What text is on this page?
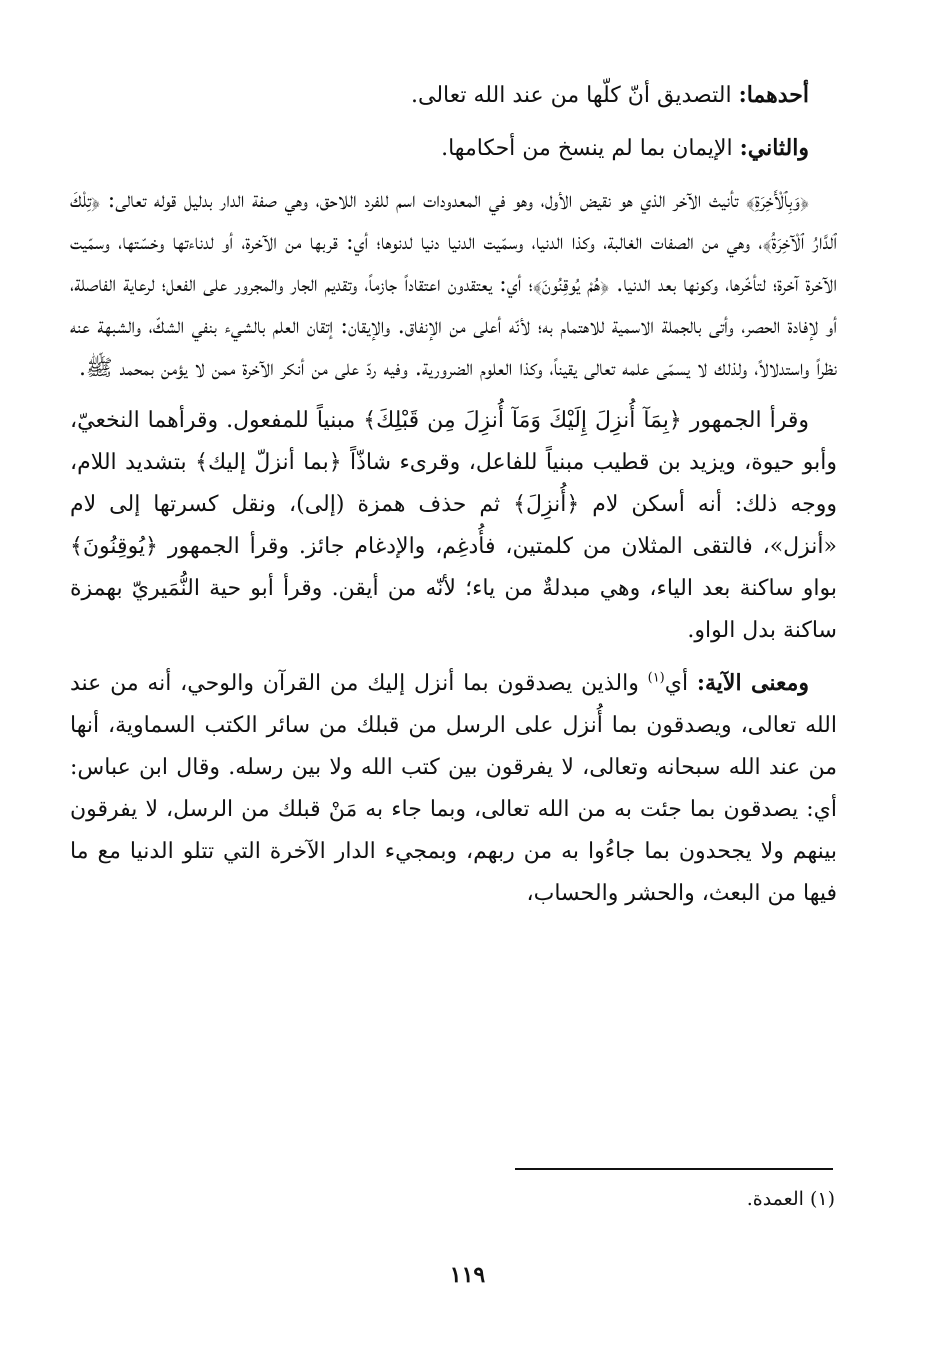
أحدهما: التصديق أنّ كلّها من عند الله تعالى.

والثاني: الإيمان بما لم ينسخ من أحكامها.

﴿وَبِٱلْأَخِرَةِ﴾ تأنيث الآخر الذي هو نقيض الأول، وهو في المعدودات اسم للفرد اللاحق، وهي صفة الدار بدليل قوله تعالى: ﴿تِلْكَ ٱلدَّارُ ٱلْآخِرَةُ﴾، وهي من الصفات الغالبة، وكذا الدنيا، وسمّيت الدنيا دنيا لدنوها؛ أي: قربها من الآخرة، أو لدناءتها وخسّتها، وسمّيت الآخرة آخرة؛ لتأخّرها، وكونها بعد الدنيا. ﴿هُمْ يُوقِنُونَ﴾؛ أي: يعتقدون اعتقاداً جازماً، وتقديم الجار والمجرور على الفعل؛ لرعاية الفاصلة، أو لإفادة الحصر، وأتى بالجملة الاسمية للاهتمام به؛ لأنّه أعلى من الإنفاق. والإيقان: إتقان العلم بالشيء بنفي الشكّ، والشبهة عنه نظراً واستدلالاً، ولذلك لا يسمّى علمه تعالى يقيناً، وكذا العلوم الضرورية. وفيه ردّ على من أنكر الآخرة ممن لا يؤمن بمحمد ﷺ.

وقرأ الجمهور ﴿بِمَآ أُنزِلَ إِلَيْكَ وَمَآ أُنزِلَ مِن قَبْلِكَ﴾ مبنياً للمفعول. وقرأهما النخعيّ، وأبو حيوة، ويزيد بن قطيب مبنياً للفاعل، وقرىء شاذّاً ﴿بما أنزلّ إليك﴾ بتشديد اللام، ووجه ذلك: أنه أسكن لام ﴿أُنزِلَ﴾ ثم حذف همزة (إلى)، ونقل كسرتها إلى لام «أنزل»، فالتقى المثلان من كلمتين، فأُدغِم، والإدغام جائز. وقرأ الجمهور ﴿يُوقِنُونَ﴾ بواو ساكنة بعد الياء، وهي مبدلةٌ من ياء؛ لأنّه من أيقن. وقرأ أبو حية النُّمَيريّ بهمزة ساكنة بدل الواو.

ومعنى الآية: أي$^{(١)}$ والذين يصدقون بما أنزل إليك من القرآن والوحي، أنه من عند الله تعالى، ويصدقون بما أُنزل على الرسل من قبلك من سائر الكتب السماوية، أنها من عند الله سبحانه وتعالى، لا يفرقون بين كتب الله ولا بين رسله. وقال ابن عباس: أي: يصدقون بما جئت به من الله تعالى، وبما جاء به مَنْ قبلك من الرسل، لا يفرقون بينهم ولا يجحدون بما جاءُوا به من ربهم، وبمجيء الدار الآخرة التي تتلو الدنيا مع ما فيها من البعث، والحشر والحساب،

(١) العمدة.
١١٩
